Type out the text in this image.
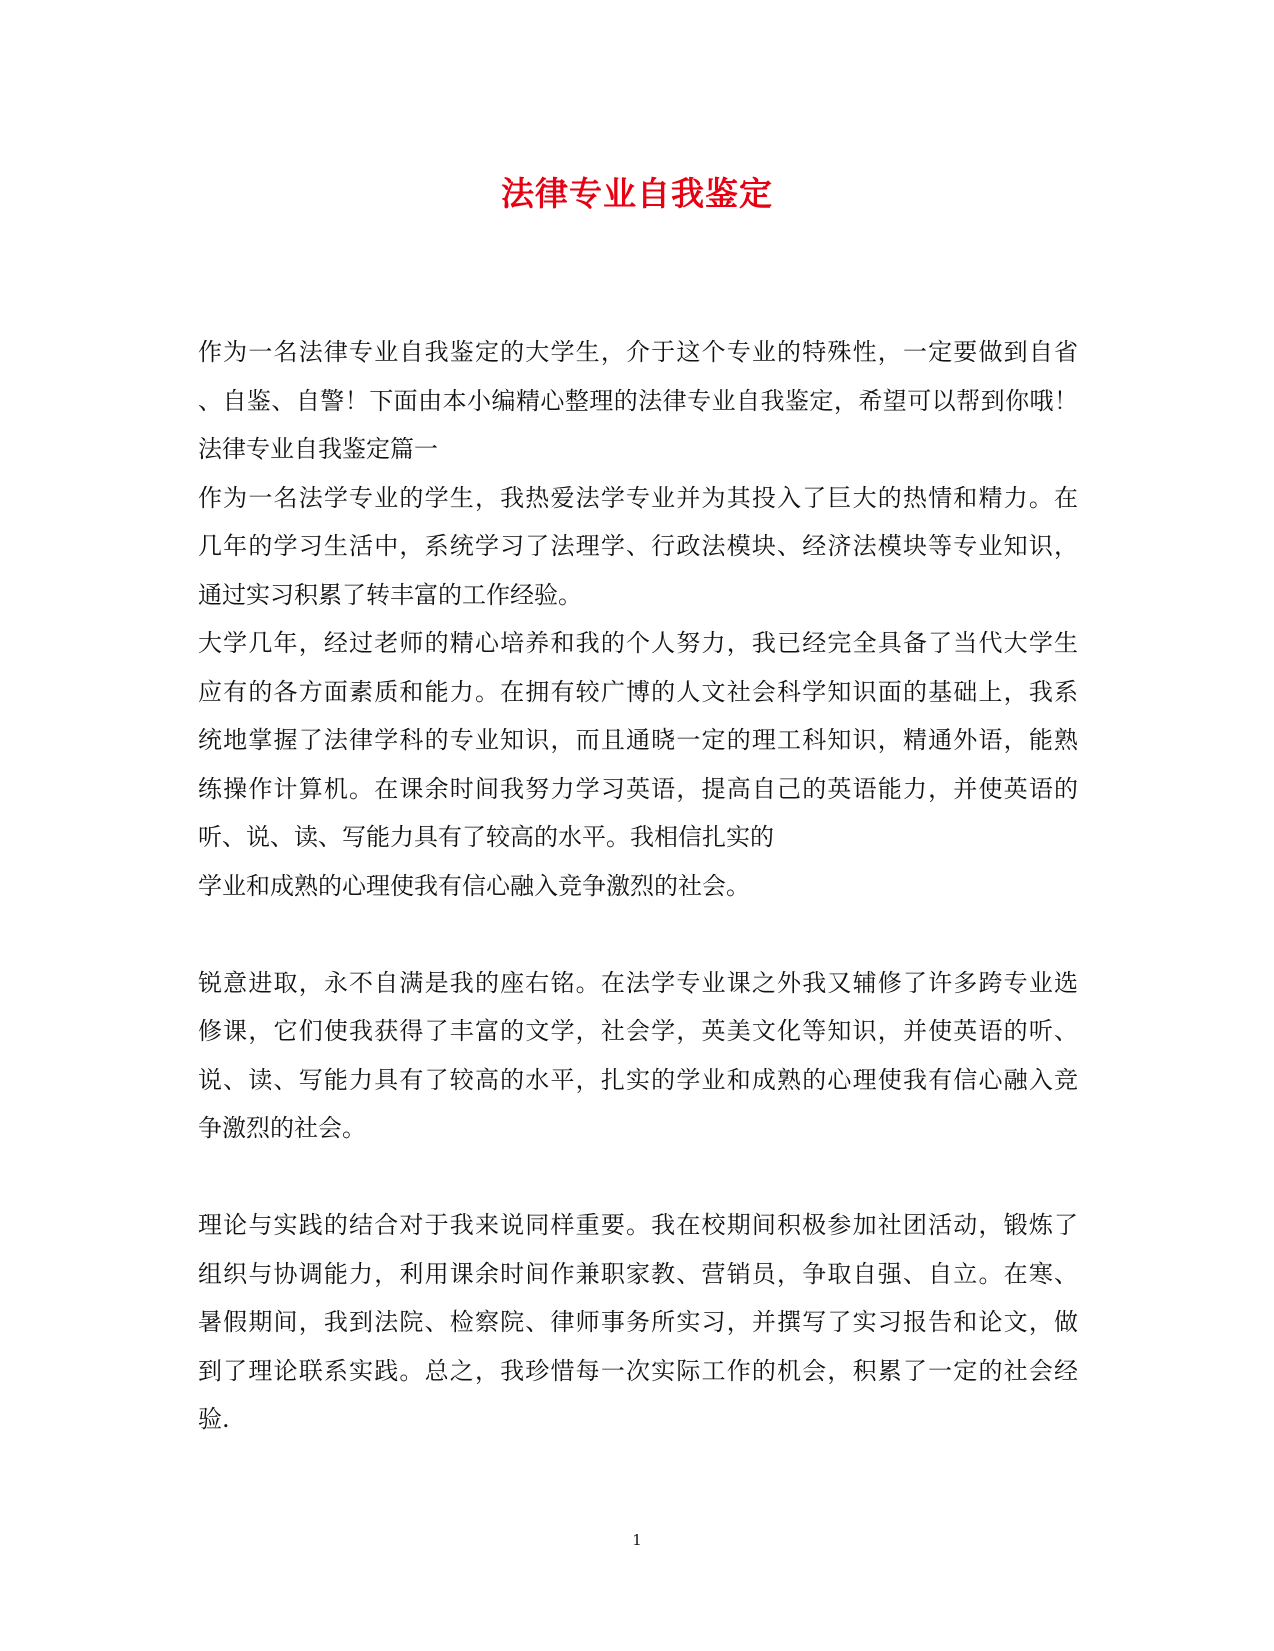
法律专业自我鉴定
作为一名法律专业自我鉴定的大学生，介于这个专业的特殊性，一定要做到自省
、自鉴、自警！下面由本小编精心整理的法律专业自我鉴定，希望可以帮到你哦！
法律专业自我鉴定篇一
作为一名法学专业的学生，我热爱法学专业并为其投入了巨大的热情和精力。在
几年的学习生活中，系统学习了法理学、行政法模块、经济法模块等专业知识，
通过实习积累了转丰富的工作经验。
大学几年，经过老师的精心培养和我的个人努力，我已经完全具备了当代大学生
应有的各方面素质和能力。在拥有较广博的人文社会科学知识面的基础上，我系
统地掌握了法律学科的专业知识，而且通晓一定的理工科知识，精通外语，能熟
练操作计算机。在课余时间我努力学习英语，提高自己的英语能力，并使英语的
听、说、读、写能力具有了较高的水平。我相信扎实的
学业和成熟的心理使我有信心融入竞争激烈的社会。
锐意进取，永不自满是我的座右铭。在法学专业课之外我又辅修了许多跨专业选
修课，它们使我获得了丰富的文学，社会学，英美文化等知识，并使英语的听、
说、读、写能力具有了较高的水平，扎实的学业和成熟的心理使我有信心融入竞
争激烈的社会。
理论与实践的结合对于我来说同样重要。我在校期间积极参加社团活动，锻炼了
组织与协调能力，利用课余时间作兼职家教、营销员，争取自强、自立。在寒、
暑假期间，我到法院、检察院、律师事务所实习，并撰写了实习报告和论文，做
到了理论联系实践。总之，我珍惜每一次实际工作的机会，积累了一定的社会经
验.
1
